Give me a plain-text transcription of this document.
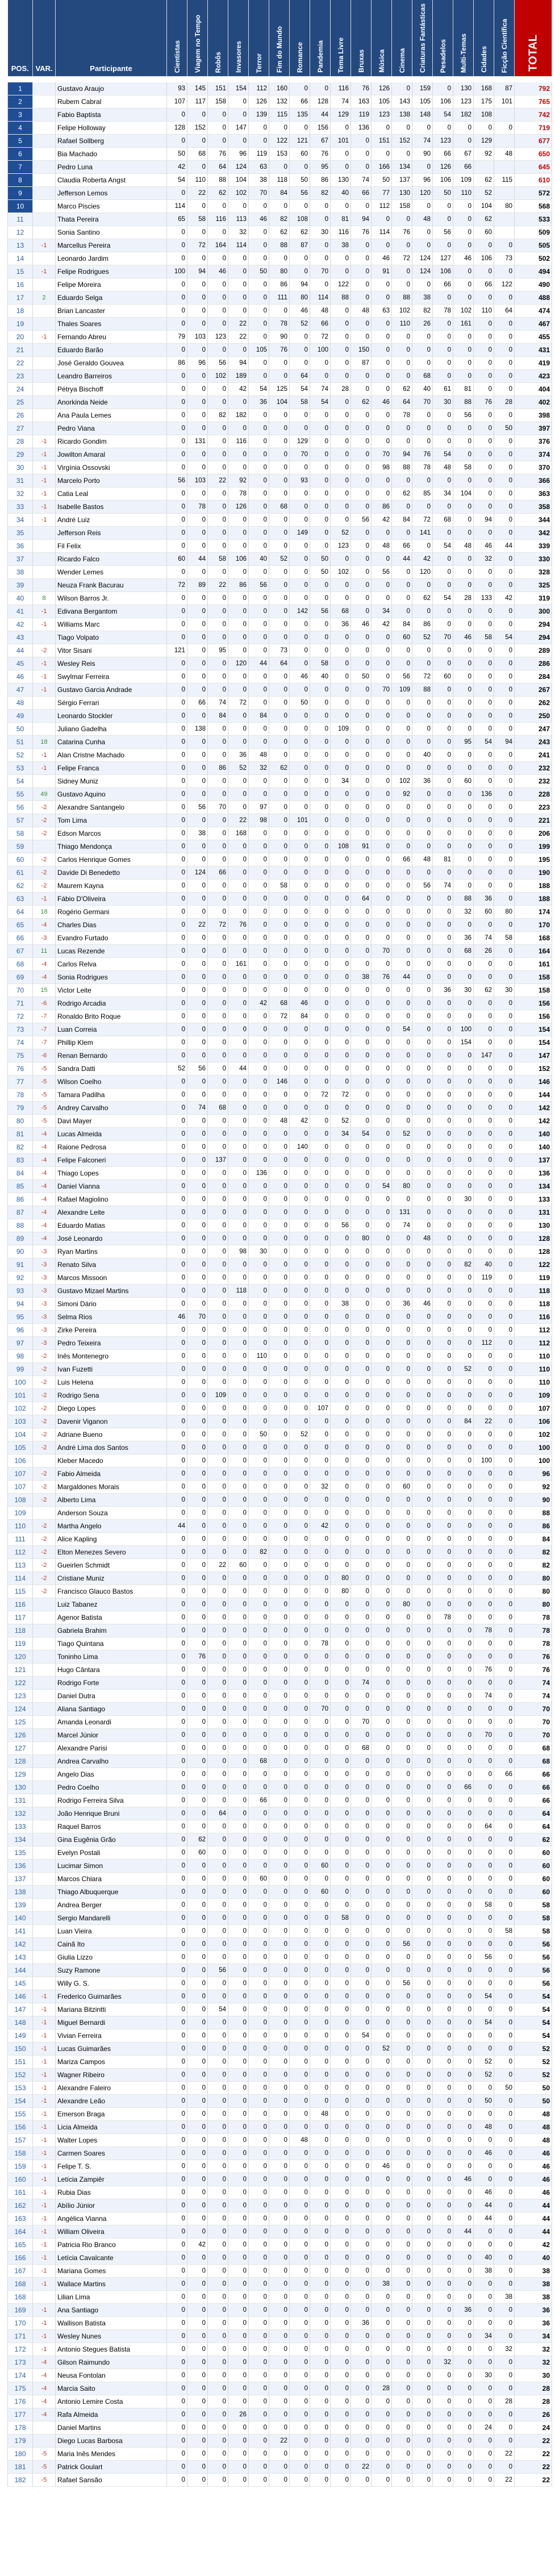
POS.	VAR.	Participante	Cientistas	Viagem no Tempo	Robôs	Invasores	Terror	Fim do Mundo	Romance	Pandemia	Tema Livre	Bruxas	Música	Cinema	Criaturas Fantásticas	Pesadelos	Multi-Temas	Cidades	Ficção Científica	TOTAL

1		Gustavo Araujo	93	145	151	154	112	160	0	0	116	76	126	0	159	0	130	168	87	792
2		Rubem Cabral	107	117	158	0	126	132	66	128	74	163	105	143	105	106	123	175	101	765
3		Fabio Baptista	0	0	0	0	139	115	135	44	129	119	123	138	148	54	182	108		742
4		Felipe Holloway	128	152	0	147	0	0	0	156	0	136	0	0	0	0	0	0	0	719
5		Rafael Sollberg	0	0	0	0	0	122	121	67	101	0	151	152	74	123	0	129		677
6		Bia Machado	50	68	76	96	119	153	60	76	0	0	0	0	90	66	67	92	48	650
7		Pedro Luna	42	0	64	124	63	0	0	95	0	0	166	134	0	126	66			645
8		Claudia Roberta Angst	54	110	88	104	38	118	50	86	130	74	50	137	96	106	109	62	115	610
9		Jefferson Lemos	0	22	62	102	70	84	56	82	40	66	77	130	120	50	110	52		572
10		Marco Piscies	114	0	0	0	0	0	0	0	0	0	112	158	0	0	0	104	80	568
11		Thata Pereira	65	58	116	113	46	82	108	0	81	94	0	0	48	0	0	62		533
12		Sonia Santino	0	0	0	32	0	62	62	30	116	76	114	76	0	56	0	60		509
13	-1	Marcellus Pereira	0	72	164	114	0	88	87	0	38	0	0	0	0	0	0	0	0	505
14		Leonardo Jardim	0	0	0	0	0	0	0	0	0	0	46	72	124	127	46	106	73	502
15	-1	Felipe Rodrigues	100	94	46	0	50	80	0	70	0	0	91	0	124	106	0	0	0	494
16		Felipe Moreira	0	0	0	0	0	86	94	0	122	0	0	0	0	66	0	66	122	490
17	2	Eduardo Selga	0	0	0	0	0	111	80	114	88	0	0	88	38	0	0	0	0	488
18		Brian Lancaster	0	0	0	0	0	0	46	48	0	48	63	102	82	78	102	110	64	474
19		Thales Soares	0	0	0	22	0	78	52	66	0	0	0	110	26	0	161	0	0	467
20	-1	Fernando Abreu	79	103	123	22	0	90	0	72	0	0	0	0	0	0	0	0	0	455
21		Eduardo Barão	0	0	0	0	105	76	0	100	0	150	0	0	0	0	0	0	0	431
22		José Geraldo Gouvea	86	96	56	94	0	0	0	0	0	87	0	0	0	0	0	0	0	419
23		Leandro Barreiros	0	0	102	189	0	0	64	0	0	0	0	0	68	0	0	0	0	423
24		Pétrya Bischoff	0	0	0	42	54	125	54	74	28	0	0	62	40	61	81	0	0	404
25		Anorkinda Neide	0	0	0	0	36	104	58	54	0	62	46	64	70	30	88	76	28	402
26		Ana Paula Lemes	0	0	82	182	0	0	0	0	0	0	0	78	0	0	56	0	0	398
27		Pedro Viana	0	0	0	0	0	0	0	0	0	0	0	0	0	0	0	0	50	397
28	-1	Ricardo Gondim	0	131	0	116	0	0	129	0	0	0	0	0	0	0	0	0	0	376
29	-1	Jowilton Amaral	0	0	0	0	0	0	70	0	0	0	70	94	76	54	0	0	0	374
30	-1	Virgínia Ossovski	0	0	0	0	0	0	0	0	0	0	98	88	78	48	58	0	0	370
31	-1	Marcelo Porto	56	103	22	92	0	0	93	0	0	0	0	0	0	0	0	0	0	366
32	-1	Catia Leal	0	0	0	78	0	0	0	0	0	0	0	62	85	34	104	0	0	363
33	-1	Isabelle Bastos	0	78	0	126	0	68	0	0	0	0	86	0	0	0	0	0	0	358
34	-1	André Luiz	0	0	0	0	0	0	0	0	0	56	42	84	72	68	0	94	0	344
35		Jefferson Reis	0	0	0	0	0	0	149	0	52	0	0	0	141	0	0	0	0	342
36		Fil Felix	0	0	0	0	0	0	0	0	123	0	48	66	0	54	48	46	44	339
37		Ricardo Falco	60	44	58	106	40	52	0	50	0	0	0	44	42	0	0	32	0	330
38		Wender Lemes	0	0	0	0	0	0	0	50	102	0	56	0	120	0	0	0	0	328
39		Neuza Frank Bacurau	72	89	22	86	56	0	0	0	0	0	0	0	0	0	0	0	0	325
40	8	Wilson Barros Jr.	0	0	0	0	0	0	0	0	0	0	0	0	62	54	28	133	42	319
41	-1	Edivana Bergantom	0	0	0	0	0	0	142	56	68	0	34	0	0	0	0	0	0	300
42	-1	Williams Marc	0	0	0	0	0	0	0	0	36	46	42	84	86	0	0	0	0	294
43		Tiago Volpato	0	0	0	0	0	0	0	0	0	0	0	60	52	70	46	58	54	294
44	-2	Vitor Sisani	121	0	95	0	0	73	0	0	0	0	0	0	0	0	0	0	0	289
45	-1	Wesley Reis	0	0	0	120	44	64	0	58	0	0	0	0	0	0	0	0	0	286
46	-1	Swylmar Ferreira	0	0	0	0	0	0	46	40	0	50	0	56	72	60	0	0	0	284
47	-1	Gustavo Garcia Andrade	0	0	0	0	0	0	0	0	0	0	70	109	88	0	0	0	0	267
48		Sérgio Ferrari	0	66	74	72	0	0	50	0	0	0	0	0	0	0	0	0	0	262
49		Leonardo Stockler	0	0	84	0	84	0	0	0	0	0	0	0	0	0	0	0	0	250
50		Juliano Gadelha	0	138	0	0	0	0	0	0	109	0	0	0	0	0	0	0	0	247
51	18	Catarina Cunha	0	0	0	0	0	0	0	0	0	0	0	0	0	0	95	54	94	243
52	-1	Alan Cristne Machado	0	0	0	36	48	0	0	0	0	0	0	0	40	0	0	0	0	241
53	-1	Felipe Franca	0	0	86	52	32	62	0	0	0	0	0	0	0	0	0	0	0	232
54		Sidney Muniz	0	0	0	0	0	0	0	0	34	0	0	102	36	0	60	0	0	232
55	49	Gustavo Aquino	0	0	0	0	0	0	0	0	0	0	0	92	0	0	0	136	0	228
56	-2	Alexandre Santangelo	0	56	70	0	97	0	0	0	0	0	0	0	0	0	0	0	0	223
57	-2	Tom Lima	0	0	0	22	98	0	101	0	0	0	0	0	0	0	0	0	0	221
58	-2	Edson Marcos	0	38	0	168	0	0	0	0	0	0	0	0	0	0	0	0	0	206
59		Thiago Mendonça	0	0	0	0	0	0	0	0	108	91	0	0	0	0	0	0	0	199
60	-2	Carlos Henrique Gomes	0	0	0	0	0	0	0	0	0	0	0	66	48	81	0	0	0	195
61	-2	Davide Di Benedetto	0	124	66	0	0	0	0	0	0	0	0	0	0	0	0	0	0	190
62	-2	Maurem Kayna	0	0	0	0	0	58	0	0	0	0	0	0	56	74	0	0	0	188
63	-1	Fábio D'Oliveira	0	0	0	0	0	0	0	0	0	64	0	0	0	0	88	36	0	188
64	18	Rogério Germani	0	0	0	0	0	0	0	0	0	0	0	0	0	0	32	60	80	174
65	-4	Charles Dias	0	22	72	76	0	0	0	0	0	0	0	0	0	0	0	0	0	170
66	-3	Evandro Furtado	0	0	0	0	0	0	0	0	0	0	0	0	0	0	36	74	58	168
67	11	Lucas Rezende	0	0	0	0	0	0	0	0	0	0	70	0	0	0	68	26	0	164
68	-4	Carlos Relva	0	0	0	161	0	0	0	0	0	0	0	0	0	0	0	0	0	161
69	-4	Sonia Rodrigues	0	0	0	0	0	0	0	0	0	38	76	44	0	0	0	0	0	158
70	15	Victor Leite	0	0	0	0	0	0	0	0	0	0	0	0	0	36	30	62	30	158
71	-6	Rodrigo Arcadia	0	0	0	0	42	68	46	0	0	0	0	0	0	0	0	0	0	156
72	-7	Ronaldo Brito Roque	0	0	0	0	0	72	84	0	0	0	0	0	0	0	0	0	0	156
73	-7	Luan Correia	0	0	0	0	0	0	0	0	0	0	0	54	0	0	100	0	0	154
74	-7	Phillip Klem	0	0	0	0	0	0	0	0	0	0	0	0	0	0	154	0	0	154
75	-6	Renan Bernardo	0	0	0	0	0	0	0	0	0	0	0	0	0	0	0	147	0	147
76	-5	Sandra Datti	52	56	0	44	0	0	0	0	0	0	0	0	0	0	0	0	0	152
77	-5	Wilson Coelho	0	0	0	0	0	146	0	0	0	0	0	0	0	0	0	0	0	146
78	-5	Tamara Padilha	0	0	0	0	0	0	0	72	72	0	0	0	0	0	0	0	0	144
79	-5	Andrey Carvalho	0	74	68	0	0	0	0	0	0	0	0	0	0	0	0	0	0	142
80	-5	Davi Mayer	0	0	0	0	0	48	42	0	52	0	0	0	0	0	0	0	0	142
81	-4	Lucas Almeida	0	0	0	0	0	0	0	0	34	54	0	52	0	0	0	0	0	140
82	-4	Raione Pedrosa	0	0	0	0	0	0	140	0	0	0	0	0	0	0	0	0	0	140
83	-4	Felipe Falconeri	0	0	137	0	0	0	0	0	0	0	0	0	0	0	0	0	0	137
84	-4	Thiago Lopes	0	0	0	0	136	0	0	0	0	0	0	0	0	0	0	0	0	136
85	-4	Daniel Vianna	0	0	0	0	0	0	0	0	0	0	54	80	0	0	0	0	0	134
86	-4	Rafael Magiolino	0	0	0	0	0	0	0	0	0	0	0	0	0	0	30	0	0	133
87	-4	Alexandre Leite	0	0	0	0	0	0	0	0	0	0	0	131	0	0	0	0	0	131
88	-4	Eduardo Matias	0	0	0	0	0	0	0	0	56	0	0	74	0	0	0	0	0	130
89	-4	José Leonardo	0	0	0	0	0	0	0	0	0	80	0	0	48	0	0	0	0	128
90	-3	Ryan Martins	0	0	0	98	30	0	0	0	0	0	0	0	0	0	0	0	0	128
91	-3	Renato Silva	0	0	0	0	0	0	0	0	0	0	0	0	0	0	82	40	0	122
92	-3	Marcos Missoon	0	0	0	0	0	0	0	0	0	0	0	0	0	0	0	119	0	119
93	-3	Gustavo Mizael Martins	0	0	0	118	0	0	0	0	0	0	0	0	0	0	0	0	0	118
94	-3	Simoni Dário	0	0	0	0	0	0	0	0	38	0	0	36	46	0	0	0	0	118
95	-3	Selma Rios	46	70	0	0	0	0	0	0	0	0	0	0	0	0	0	0	0	116
96	-3	Zirke Pereira	0	0	0	0	0	0	0	0	0	0	0	0	0	0	0	0	0	112
97	-3	Pedro Teixeira	0	0	0	0	0	0	0	0	0	0	0	0	0	0	0	112	0	112
98	-2	Inês Montenegro	0	0	0	0	110	0	0	0	0	0	0	0	0	0	0	0	0	110
99	-2	Ivan Fuzetti	0	0	0	0	0	0	0	0	0	0	0	0	0	0	52	0	0	110
100	-2	Luis Helena	0	0	0	0	0	0	0	0	0	0	0	0	0	0	0	0	0	110
101	-2	Rodrigo Sena	0	0	109	0	0	0	0	0	0	0	0	0	0	0	0	0	0	109
102	-2	Diego Lopes	0	0	0	0	0	0	0	107	0	0	0	0	0	0	0	0	0	107
103	-2	Davenir Viganon	0	0	0	0	0	0	0	0	0	0	0	0	0	0	84	22	0	106
104	-2	Adriane Bueno	0	0	0	0	50	0	52	0	0	0	0	0	0	0	0	0	0	102
105	-2	André Lima dos Santos	0	0	0	0	0	0	0	0	0	0	0	0	0	0	0	0	0	100
106		Kleber Macedo	0	0	0	0	0	0	0	0	0	0	0	0	0	0	0	100	0	100
107	-2	Fabio Almeida	0	0	0	0	0	0	0	0	0	0	0	0	0	0	0	0	0	96
107	-2	Margaldones Morais	0	0	0	0	0	0	0	32	0	0	0	60	0	0	0	0	0	92
108	-2	Alberto Lima	0	0	0	0	0	0	0	0	0	0	0	0	0	0	0	0	0	90
109		Anderson Souza	0	0	0	0	0	0	0	0	0	0	0	0	0	0	0	0	0	88
110	-2	Martha Angelo	44	0	0	0	0	0	0	42	0	0	0	0	0	0	0	0	0	86
111	-2	Alice Kapling	0	0	0	0	0	0	0	0	0	0	0	0	0	0	0	0	0	84
112	-2	Elton Menezes Severo	0	0	0	0	82	0	0	0	0	0	0	0	0	0	0	0	0	82
113	-2	Gueirlen Schmidt	0	0	22	60	0	0	0	0	0	0	0	0	0	0	0	0	0	82
114	-2	Cristiane Muniz	0	0	0	0	0	0	0	0	80	0	0	0	0	0	0	0	0	80
115	-2	Francisco Glauco Bastos	0	0	0	0	0	0	0	0	80	0	0	0	0	0	0	0	0	80
116		Luiz Tabanez	0	0	0	0	0	0	0	0	0	0	0	80	0	0	0	0	0	80
117		Agenor Batista	0	0	0	0	0	0	0	0	0	0	0	0	0	78	0	0	0	78
118		Gabriela Brahim	0	0	0	0	0	0	0	0	0	0	0	0	0	0	0	78	0	78
119		Tiago Quintana	0	0	0	0	0	0	0	78	0	0	0	0	0	0	0	0	0	78
120		Toninho Lima	0	76	0	0	0	0	0	0	0	0	0	0	0	0	0	0	0	76
121		Hugo Cântara	0	0	0	0	0	0	0	0	0	0	0	0	0	0	0	76	0	76
122		Rodrigo Forte	0	0	0	0	0	0	0	0	0	74	0	0	0	0	0	0	0	74
123		Daniel Dutra	0	0	0	0	0	0	0	0	0	0	0	0	0	0	0	74	0	74
124		Aliana Santiago	0	0	0	0	0	0	0	70	0	0	0	0	0	0	0	0	0	70
125		Amanda Leonardi	0	0	0	0	0	0	0	0	0	70	0	0	0	0	0	0	0	70
126		Marcel Júnior	0	0	0	0	0	0	0	0	0	0	0	0	0	0	0	70	0	70
127		Alexandre Parisi	0	0	0	0	0	0	0	0	0	68	0	0	0	0	0	0	0	68
128		Andrea Carvalho	0	0	0	0	68	0	0	0	0	0	0	0	0	0	0	0	0	68
129		Angelo Dias	0	0	0	0	0	0	0	0	0	0	0	0	0	0	0	0	66	66
130		Pedro Coelho	0	0	0	0	0	0	0	0	0	0	0	0	0	0	66	0	0	66
131		Rodrigo Ferreira Silva	0	0	0	0	66	0	0	0	0	0	0	0	0	0	0	0	0	66
132		João Henrique Bruni	0	0	64	0	0	0	0	0	0	0	0	0	0	0	0	0	0	64
133		Raquel Barros	0	0	0	0	0	0	0	0	0	0	0	0	0	0	0	64	0	64
134		Gina Eugênia Grão	0	62	0	0	0	0	0	0	0	0	0	0	0	0	0	0	0	62
135		Evelyn Postali	0	60	0	0	0	0	0	0	0	0	0	0	0	0	0	0	0	60
136		Lucimar Simon	0	0	0	0	0	0	0	60	0	0	0	0	0	0	0	0	0	60
137		Marcos Chiara	0	0	0	0	60	0	0	0	0	0	0	0	0	0	0	0	0	60
138		Thiago Albuquerque	0	0	0	0	0	0	0	60	0	0	0	0	0	0	0	0	0	60
139		Andrea Berger	0	0	0	0	0	0	0	0	0	0	0	0	0	0	0	58	0	58
140		Sergio Mandarelli	0	0	0	0	0	0	0	0	58	0	0	0	0	0	0	0	0	58
141		Luan Vieira	0	0	0	0	0	0	0	0	0	0	0	0	0	0	0	0	58	58
142		Cainã Ito	0	0	0	0	0	0	0	0	0	0	0	56	0	0	0	0	0	56
143		Giulia Lizzo	0	0	0	0	0	0	0	0	0	0	0	0	0	0	0	56	0	56
144		Suzy Ramone	0	0	56	0	0	0	0	0	0	0	0	0	0	0	0	0	0	56
145		Willy G. S.	0	0	0	0	0	0	0	0	0	0	0	56	0	0	0	0	0	56
146	-1	Frederico Guimarães	0	0	0	0	0	0	0	0	0	0	0	0	0	0	0	54	0	54
147	-1	Mariana Bitzintti	0	0	54	0	0	0	0	0	0	0	0	0	0	0	0	0	0	54
148	-1	Miguel Bernardi	0	0	0	0	0	0	0	0	0	0	0	0	0	0	0	54	0	54
149	-1	Vivian Ferreira	0	0	0	0	0	0	0	0	0	54	0	0	0	0	0	0	0	54
150	-1	Lucas Guimarães	0	0	0	0	0	0	0	0	0	0	52	0	0	0	0	0	0	52
151	-1	Mariza Campos	0	0	0	0	0	0	0	0	0	0	0	0	0	0	0	52	0	52
152	-1	Wagner Ribeiro	0	0	0	0	0	0	0	0	0	0	0	0	0	0	0	52	0	52
153	-1	Alexandre Faleiro	0	0	0	0	0	0	0	0	0	0	0	0	0	0	0	0	50	50
154	-1	Alexandre Leão	0	0	0	0	0	0	0	0	0	0	0	0	0	0	0	50	0	50
155	-1	Emerson Braga	0	0	0	0	0	0	0	48	0	0	0	0	0	0	0	0	0	48
156	-1	Licia Almeida	0	0	0	0	0	0	0	0	0	0	0	0	0	0	0	48	0	48
157	-1	Walter Lopes	0	0	0	0	0	0	48	0	0	0	0	0	0	0	0	0	0	48
158	-1	Carmen Soares	0	0	0	0	0	0	0	0	0	0	0	0	0	0	0	46	0	46
159	-1	Felipe T. S.	0	0	0	0	0	0	0	0	0	0	46	0	0	0	0	0	0	46
160	-1	Letícia Zampiêr	0	0	0	0	0	0	0	0	0	0	0	0	0	0	46	0	0	46
161	-1	Rubia Dias	0	0	0	0	0	0	0	0	0	0	0	0	0	0	0	46	0	46
162	-1	Abílio Júnior	0	0	0	0	0	0	0	0	0	0	0	0	0	0	0	44	0	44
163	-1	Angélica Vianna	0	0	0	0	0	0	0	0	0	0	0	0	0	0	0	44	0	44
164	-1	William Oliveira	0	0	0	0	0	0	0	0	0	0	0	0	0	0	44	0	0	44
165	-1	Patricia Rio Branco	0	42	0	0	0	0	0	0	0	0	0	0	0	0	0	0	0	42
166	-1	Letícia Cavalcante	0	0	0	0	0	0	0	0	0	0	0	0	0	0	0	40	0	40
167	-1	Mariana Gomes	0	0	0	0	0	0	0	0	0	0	0	0	0	0	0	38	0	38
168	-1	Wallace Martins	0	0	0	0	0	0	0	0	0	0	38	0	0	0	0	0	0	38
168		Lilian Lima	0	0	0	0	0	0	0	0	0	0	0	0	0	0	0	0	38	38
169	-1	Ana Santiago	0	0	0	0	0	0	0	0	0	0	0	0	0	0	36	0	0	36
170	-1	Wallison Batista	0	0	0	0	0	0	0	0	0	36	0	0	0	0	0	0	0	36
171	-1	Wesley Nunes	0	0	0	0	0	0	0	0	0	0	0	0	0	0	0	34	0	34
172	-1	Antonio Stegues Batista	0	0	0	0	0	0	0	0	0	0	0	0	0	0	0	0	32	32
173	-4	Gilson Raimundo	0	0	0	0	0	0	0	0	0	0	0	0	0	32	0	0	0	32
174	-4	Neusa Fontolan	0	0	0	0	0	0	0	0	0	0	0	0	0	0	0	30	0	30
175	-4	Marcia Saito	0	0	0	0	0	0	0	0	0	0	28	0	0	0	0	0	0	28
176	-4	Antonio Lemire Costa	0	0	0	0	0	0	0	0	0	0	0	0	0	0	0	0	28	28
177	-4	Rafa Almeida	0	0	0	26	0	0	0	0	0	0	0	0	0	0	0	0	0	26
178		Daniel Martins	0	0	0	0	0	0	0	0	0	0	0	0	0	0	0	24	0	24
179		Diego Lucas Barbosa	0	0	0	0	0	22	0	0	0	0	0	0	0	0	0	0	0	22
180	-5	Maria Inês Mendes	0	0	0	0	0	0	0	0	0	0	0	0	0	0	0	0	22	22
181	-5	Patrick Goulart	0	0	0	0	0	0	0	0	0	22	0	0	0	0	0	0	0	22
182	-5	Rafael Sansão	0	0	0	0	0	0	0	0	0	0	0	0	0	0	0	0	22	22
